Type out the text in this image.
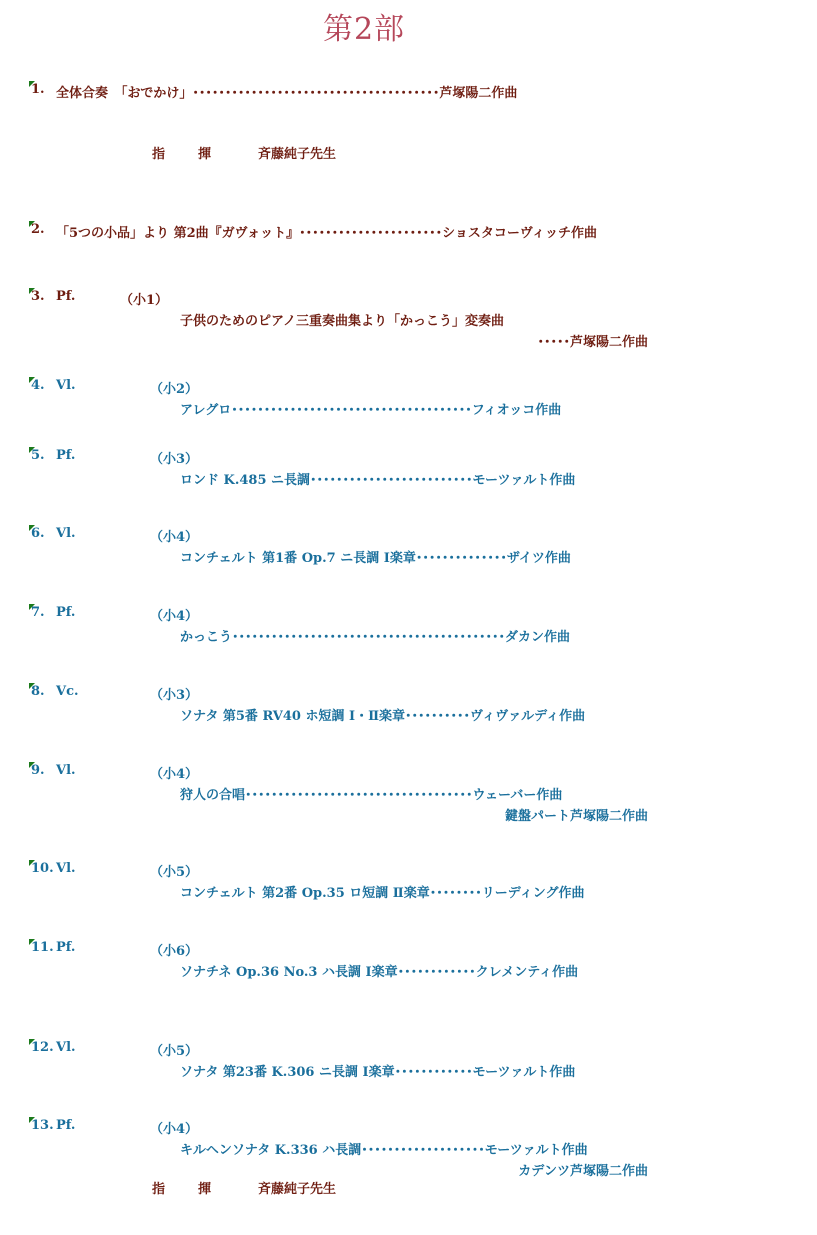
第2部
1. 全体合奏　「おでかけ」･･････････････････････････････････････芦塚陽二作曲
指　揮	斉藤純子先生
2. 「5つの小品」より 第2曲『ガヴォット』･･････････････････････ショスタコーヴィッチ作曲
3. Pf.	（小1）
子供のためのピアノ三重奏曲集より「かっこう」変奏曲
･････芦塚陽二作曲
4. Vl.	（小2）
アレグロ･････････････････････････････････････フィオッコ作曲
5. Pf.	（小3）
ロンド K.485 ニ長調･････････････････････････モーツァルト作曲
6. Vl.	（小4）
コンチェルト 第1番 Op.7 ニ長調 Ⅰ楽章･･････････････ザイツ作曲
7. Pf.	（小4）
かっこう･･････････････････････････････････････････ダカン作曲
8. Vc.	（小3）
ソナタ 第5番 RV40 ホ短調 Ⅰ・Ⅱ楽章･･････････ヴィヴァルディ作曲
9. Vl.	（小4）
狩人の合唱･･･････････････････････････････････ウェーバー作曲
鍵盤パート芦塚陽二作曲
10. Vl.	（小5）
コンチェルト 第2番 Op.35 ロ短調 Ⅱ楽章････････リーディング作曲
11. Pf.	（小6）
ソナチネ Op.36 No.3 ハ長調 Ⅰ楽章････････････クレメンティ作曲
12. Vl.	（小5）
ソナタ 第23番 K.306 ニ長調 Ⅰ楽章････････････モーツァルト作曲
13. Pf.	（小4）
キルヘンソナタ K.336 ハ長調･･･････････････････モーツァルト作曲
カデンツ芦塚陽二作曲
指　揮	斉藤純子先生
